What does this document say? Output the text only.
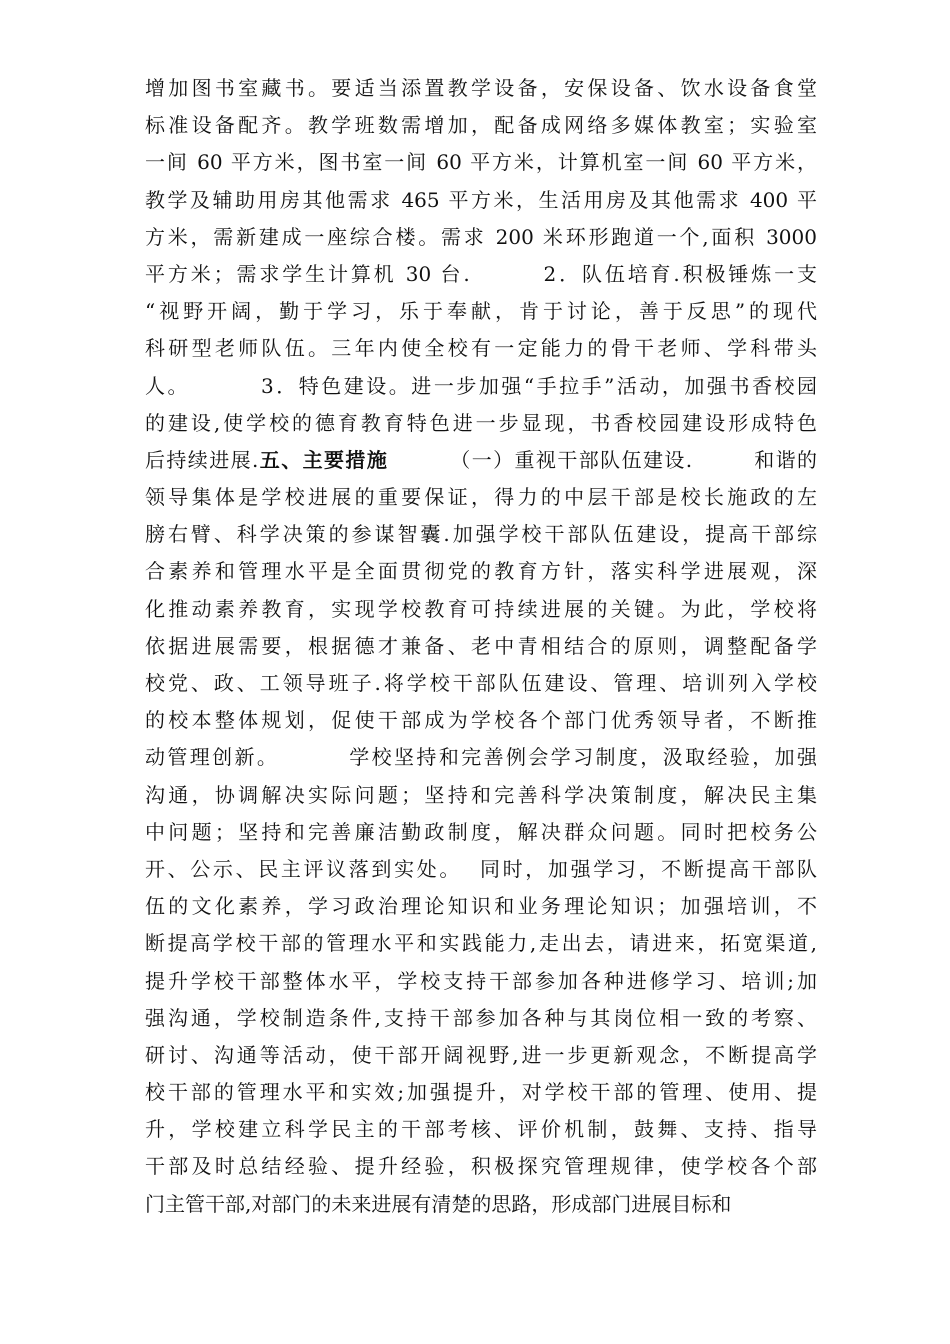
增加图书室藏书。要适当添置教学设备，安保设备、饮水设备食堂
标准设备配齐。教学班数需增加，配备成网络多媒体教室；实验室
一间 60 平方米，图书室一间 60 平方米，计算机室一间 60 平方米，
教学及辅助用房其他需求 465 平方米，生活用房及其他需求 400 平
方米，需新建成一座综合楼。需求 200 米环形跑道一个,面积 3000
平方米；需求学生计算机 30 台.        2．队伍培育.积极锤炼一支
“视野开阔，勤于学习，乐于奉献，肯于讨论，善于反思”的现代
科研型老师队伍。三年内使全校有一定能力的骨干老师、学科带头
人。        3．特色建设。进一步加强“手拉手”活动，加强书香校园
的建设,使学校的德育教育特色进一步显现，书香校园建设形成特色
后持续进展.五、主要措施        （一）重视干部队伍建设.        和谐的
领导集体是学校进展的重要保证，得力的中层干部是校长施政的左
膀右臂、科学决策的参谋智囊.加强学校干部队伍建设，提高干部综
合素养和管理水平是全面贯彻党的教育方针，落实科学进展观，深
化推动素养教育，实现学校教育可持续进展的关键。为此，学校将
依据进展需要，根据德才兼备、老中青相结合的原则，调整配备学
校党、政、工领导班子.将学校干部队伍建设、管理、培训列入学校
的校本整体规划，促使干部成为学校各个部门优秀领导者，不断推
动管理创新。        学校坚持和完善例会学习制度，汲取经验，加强
沟通，协调解决实际问题；坚持和完善科学决策制度，解决民主集
中问题；坚持和完善廉洁勤政制度，解决群众问题。同时把校务公
开、公示、民主评议落到实处。  同时，加强学习，不断提高干部队
伍的文化素养，学习政治理论知识和业务理论知识；加强培训，不
断提高学校干部的管理水平和实践能力,走出去，请进来，拓宽渠道,
提升学校干部整体水平，学校支持干部参加各种进修学习、培训;加
强沟通，学校制造条件,支持干部参加各种与其岗位相一致的考察、
研讨、沟通等活动，使干部开阔视野,进一步更新观念，不断提高学
校干部的管理水平和实效;加强提升，对学校干部的管理、使用、提
升，学校建立科学民主的干部考核、评价机制，鼓舞、支持、指导
干部及时总结经验、提升经验，积极探究管理规律，使学校各个部
门主管干部,对部门的未来进展有清楚的思路，形成部门进展目标和
